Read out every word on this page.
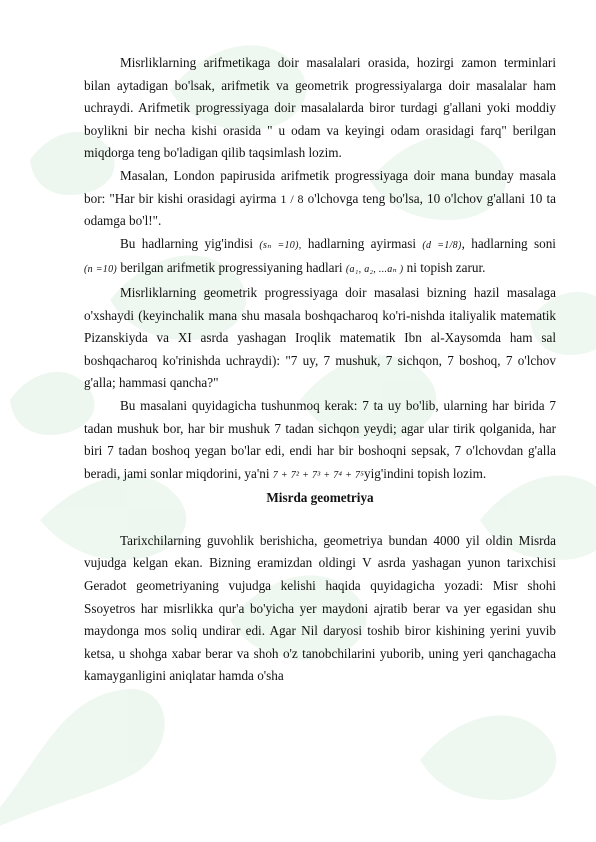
Misrliklarning arifmetikaga doir masalalari orasida, hozirgi zamon terminlari bilan aytadigan bo'lsak, arifmetik va geometrik progressiyalarga doir masalalar ham uchraydi. Arifmetik progressiyaga doir masalalarda biror turdagi g'allani yoki moddiy boylikni bir necha kishi orasida " u odam va keyingi odam orasidagi farq" berilgan miqdorga teng bo'ladigan qilib taqsimlash lozim.

Masalan, London papirusida arifmetik progressiyaga doir mana bunday masala bor: "Har bir kishi orasidagi ayirma 1 / 8 o'lchovga teng bo'lsa, 10 o'lchov g'allani 10 ta odamga bo'l!".

Bu hadlarning yig'indisi (sₙ =10), hadlarning ayirmasi (d =1/8), hadlarning soni (n =10) berilgan arifmetik progressiyaning hadlari (a₁, a₂, ...aₙ ) ni topish zarur.

Misrliklarning geometrik progressiyaga doir masalasi bizning hazil masalaga o'xshaydi (keyinchalik mana shu masala boshqacharoq ko'ri-nishda italiyalik matematik Pizanskiyda va XI asrda yashagan Iroqlik matematik Ibn al-Xaysomda ham sal boshqacharoq ko'rinishda uchraydi): "7 uy, 7 mushuk, 7 sichqon, 7 boshoq, 7 o'lchov g'alla; hammasi qancha?"

Bu masalani quyidagicha tushunmoq kerak: 7 ta uy bo'lib, ularning har birida 7 tadan mushuk bor, har bir mushuk 7 tadan sichqon yeydi; agar ular tirik qolganida, har biri 7 tadan boshoq yegan bo'lar edi, endi har bir boshoqni sepsak, 7 o'lchovdan g'alla beradi, jami sonlar miqdorini, ya'ni 7 + 7² + 7³ + 7⁴ + 7⁵yig'indini topish lozim.

Misrda geometriya

Tarixchilarning guvohlik berishicha, geometriya bundan 4000 yil oldin Misrda vujudga kelgan ekan. Bizning eramizdan oldingi V asrda yashagan yunon tarixchisi Geradot geometriyaning vujudga kelishi haqida quyidagicha yozadi: Misr shohi Ssoyetros har misrlikka qur'a bo'yicha yer maydoni ajratib berar va yer egasidan shu maydonga mos soliq undirar edi. Agar Nil daryosi toshib biror kishining yerini yuvib ketsa, u shohga xabar berar va shoh o'z tanobchilarini yuborib, uning yeri qanchagacha kamayganligini aniqlatar hamda o'sha
